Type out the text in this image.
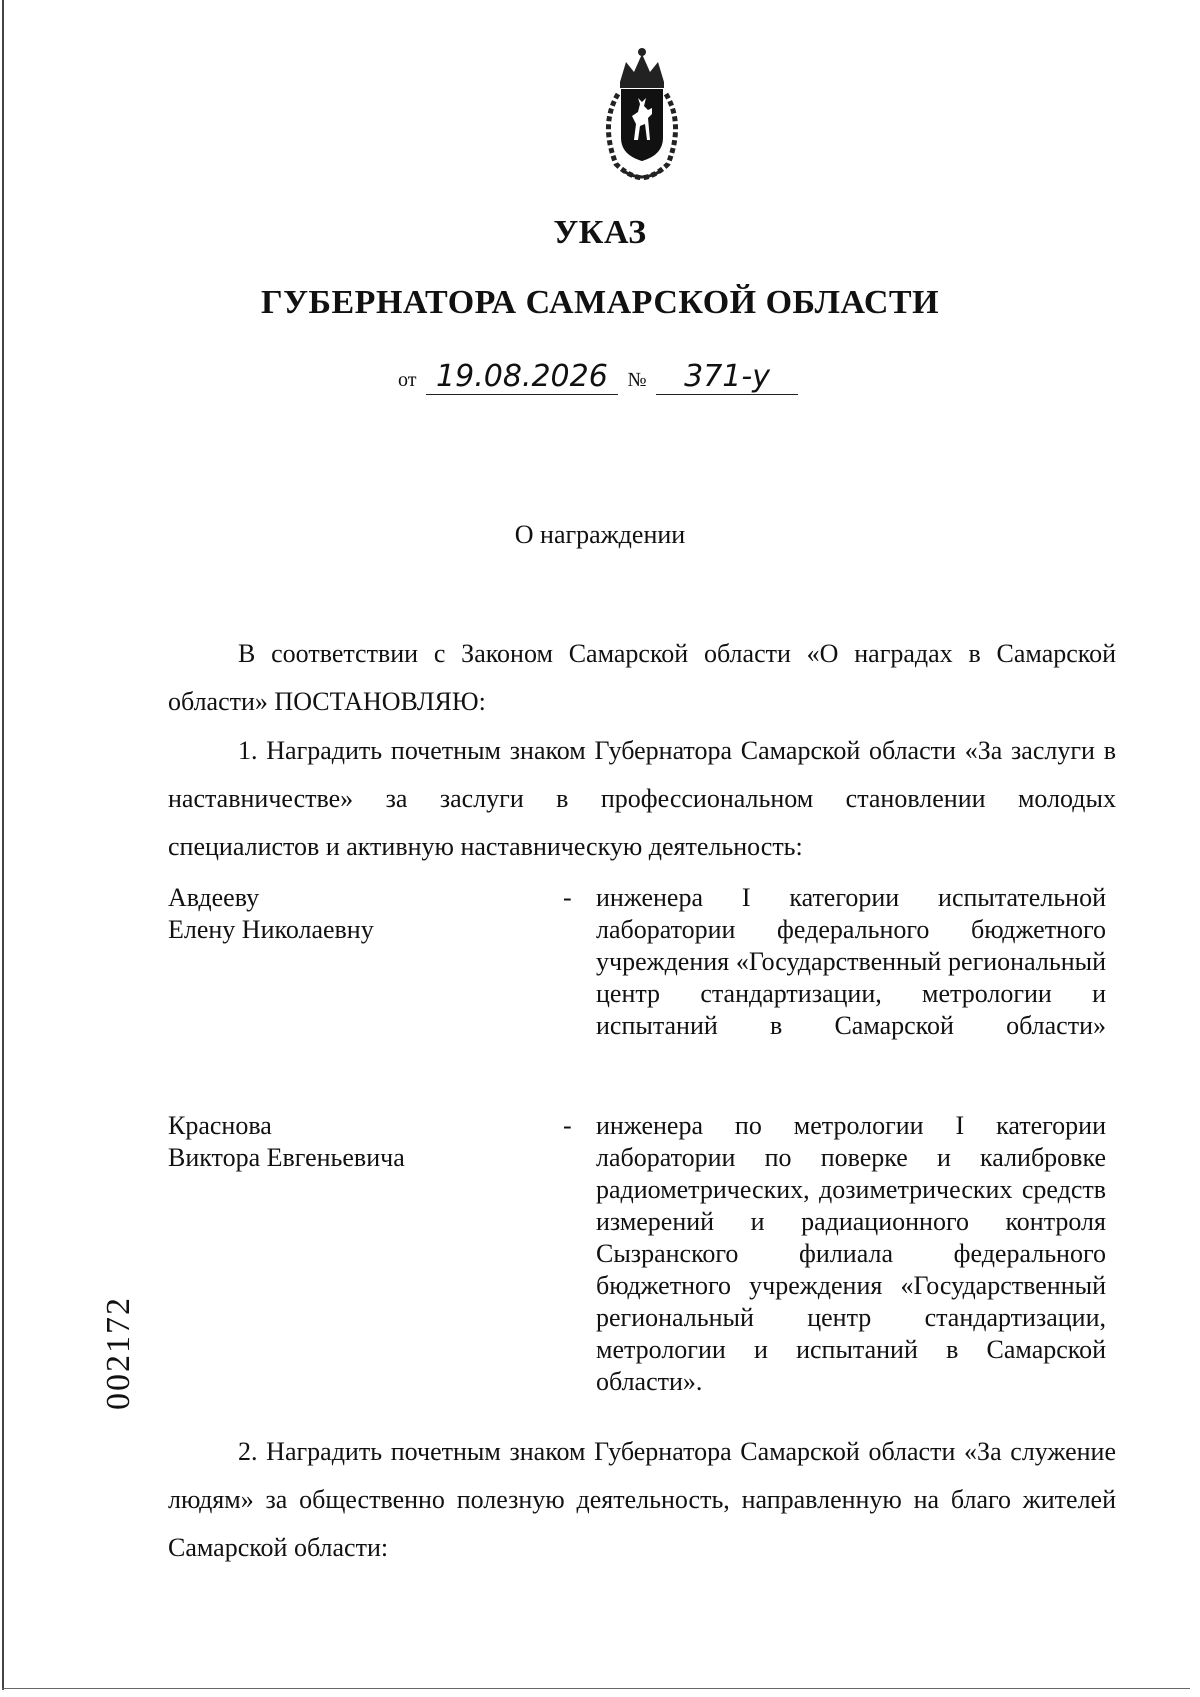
УКАЗ
ГУБЕРНАТОРА САМАРСКОЙ ОБЛАСТИ
от 19.08.2026 № 371-у
О награждении
В соответствии с Законом Самарской области «О наградах в Самарской области» ПОСТАНОВЛЯЮ:
1. Наградить почетным знаком Губернатора Самарской области «За заслуги в наставничестве» за заслуги в профессиональном становлении молодых специалистов и активную наставническую деятельность:
Авдееву
Елену Николаевну
- инженера I категории испытательной лаборатории федерального бюджетного учреждения «Государственный региональный центр стандартизации, метрологии и испытаний в Самарской области»
Краснова
Виктора Евгеньевича
- инженера по метрологии I категории лаборатории по поверке и калибровке радиометрических, дозиметрических средств измерений и радиационного контроля Сызранского филиала федерального бюджетного учреждения «Государственный региональный центр стандартизации, метрологии и испытаний в Самарской области».
2. Наградить почетным знаком Губернатора Самарской области «За служение людям» за общественно полезную деятельность, направленную на благо жителей Самарской области:
002172
